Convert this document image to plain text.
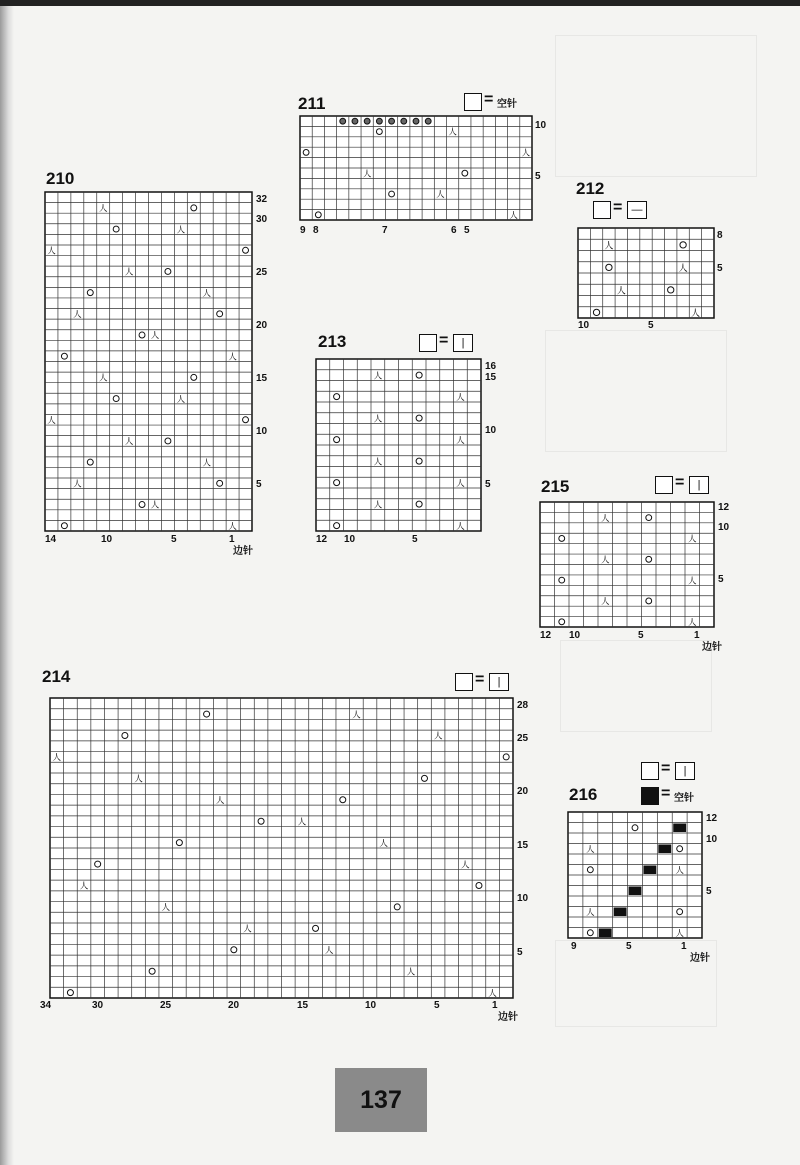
211	= 空针
人
人
人
人
人
10
5
9 8	7	6 5
210
人
人
人
人
人
人
人
人
人
人
人
人
人
人
人
人
32
30
25
20
15
10
5
14	10	5	1
边针
212
= —
人
人
人
人
8
5
10	5
213	=	|
人
人
人
人
人
人
人
人
16
15
10
5
12 10	5
215	=	|
人
人
人
人
人
人
12
10
5
12 10	5	1
边针
214	=	|
人
人
人
人
人
人
人
人
人
人
人
人
人
人
28
25
20
15
10
5
34	30	25	20	15	10	5	1
边针
216
=	|
= 空针
人
人
人
人
12
10
5
9	5	1
边针
137
